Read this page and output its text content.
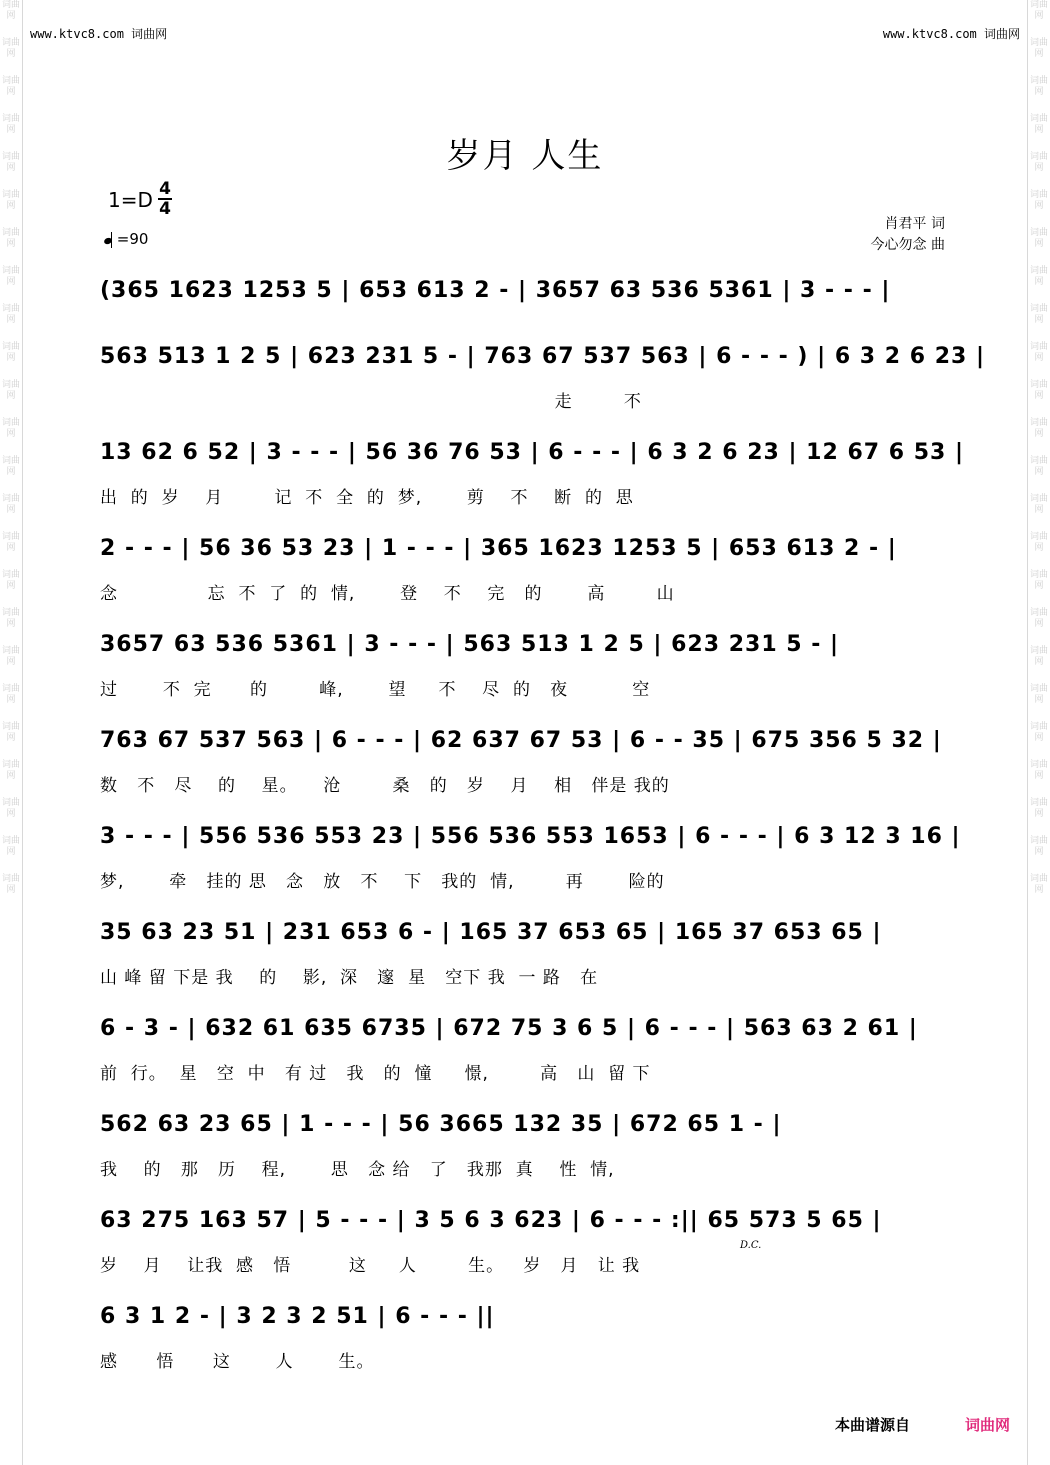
词曲网
词曲网
词曲网
词曲网
词曲网
词曲网
词曲网
词曲网
词曲网
词曲网
词曲网
词曲网
词曲网
词曲网
词曲网
词曲网
词曲网
词曲网
词曲网
词曲网
词曲网
词曲网
词曲网
词曲网
词曲网
词曲网
词曲网
词曲网
词曲网
词曲网
词曲网
词曲网
词曲网
词曲网
词曲网
词曲网
词曲网
词曲网
词曲网
词曲网
词曲网
词曲网
词曲网
词曲网
词曲网
词曲网
词曲网
词曲网
www.ktvc8.com 词曲网	www.ktvc8.com 词曲网
岁月 人生
1=D 4
4
=90
肖君平 词
今心勿念 曲
(365 1623 1253 5 | 653 613 2 - | 3657 63 536 5361 | 3 - - - |
563 513 1 2 5 | 623 231 5 - | 763 67 537 563 | 6 - - - ) | 6 3 2 6 23 |
走        不
13 62 6 52 | 3 - - - | 56 36 76 53 | 6 - - - | 6 3 2 6 23 | 12 67 6 53 |
出  的  岁    月        记  不  全  的  梦,       剪    不    断  的  思
2 - - - | 56 36 53 23 | 1 - - - | 365 1623 1253 5 | 653 613 2 - |
念              忘  不  了  的  情,       登    不    完   的       高        山
3657 63 536 5361 | 3 - - - | 563 513 1 2 5 | 623 231 5 - |
过       不  完      的        峰,       望     不    尽  的   夜          空
763 67 537 563 | 6 - - - | 62 637 67 53 | 6 - - 35 | 675 356 5 32 |
数   不   尽    的    星。    沧        桑   的   岁    月    相   伴是 我的
3 - - - | 556 536 553 23 | 556 536 553 1653 | 6 - - - | 6 3 12 3 16 |
梦,       牵   挂的 思   念   放   不    下   我的  情,        再       险的
35 63 23 51 | 231 653 6 - | 165 37 653 65 | 165 37 653 65 |
山 峰 留 下是 我    的    影,  深   邃  星   空下 我  一 路   在
6 - 3 - | 632 61 635 6735 | 672 75 3 6 5 | 6 - - - | 563 63 2 61 |
前  行。  星   空  中   有 过   我   的  憧     憬,        高   山  留 下
562 63 23 65 | 1 - - - | 56 3665 132 35 | 672 65 1 - |
我    的   那   历    程,       思   念 给   了   我那  真    性  情,
63 275 163 57 | 5 - - - | 3 5 6 3 623 | 6 - - - :|| 65 573 5 65 |
岁    月    让我  感   悟         这     人        生。   岁   月   让 我
D.C.
6 3 1 2 - | 3 2 3 2 51 | 6 - - - ||
感      悟      这       人       生。
本曲谱源自	词曲网
